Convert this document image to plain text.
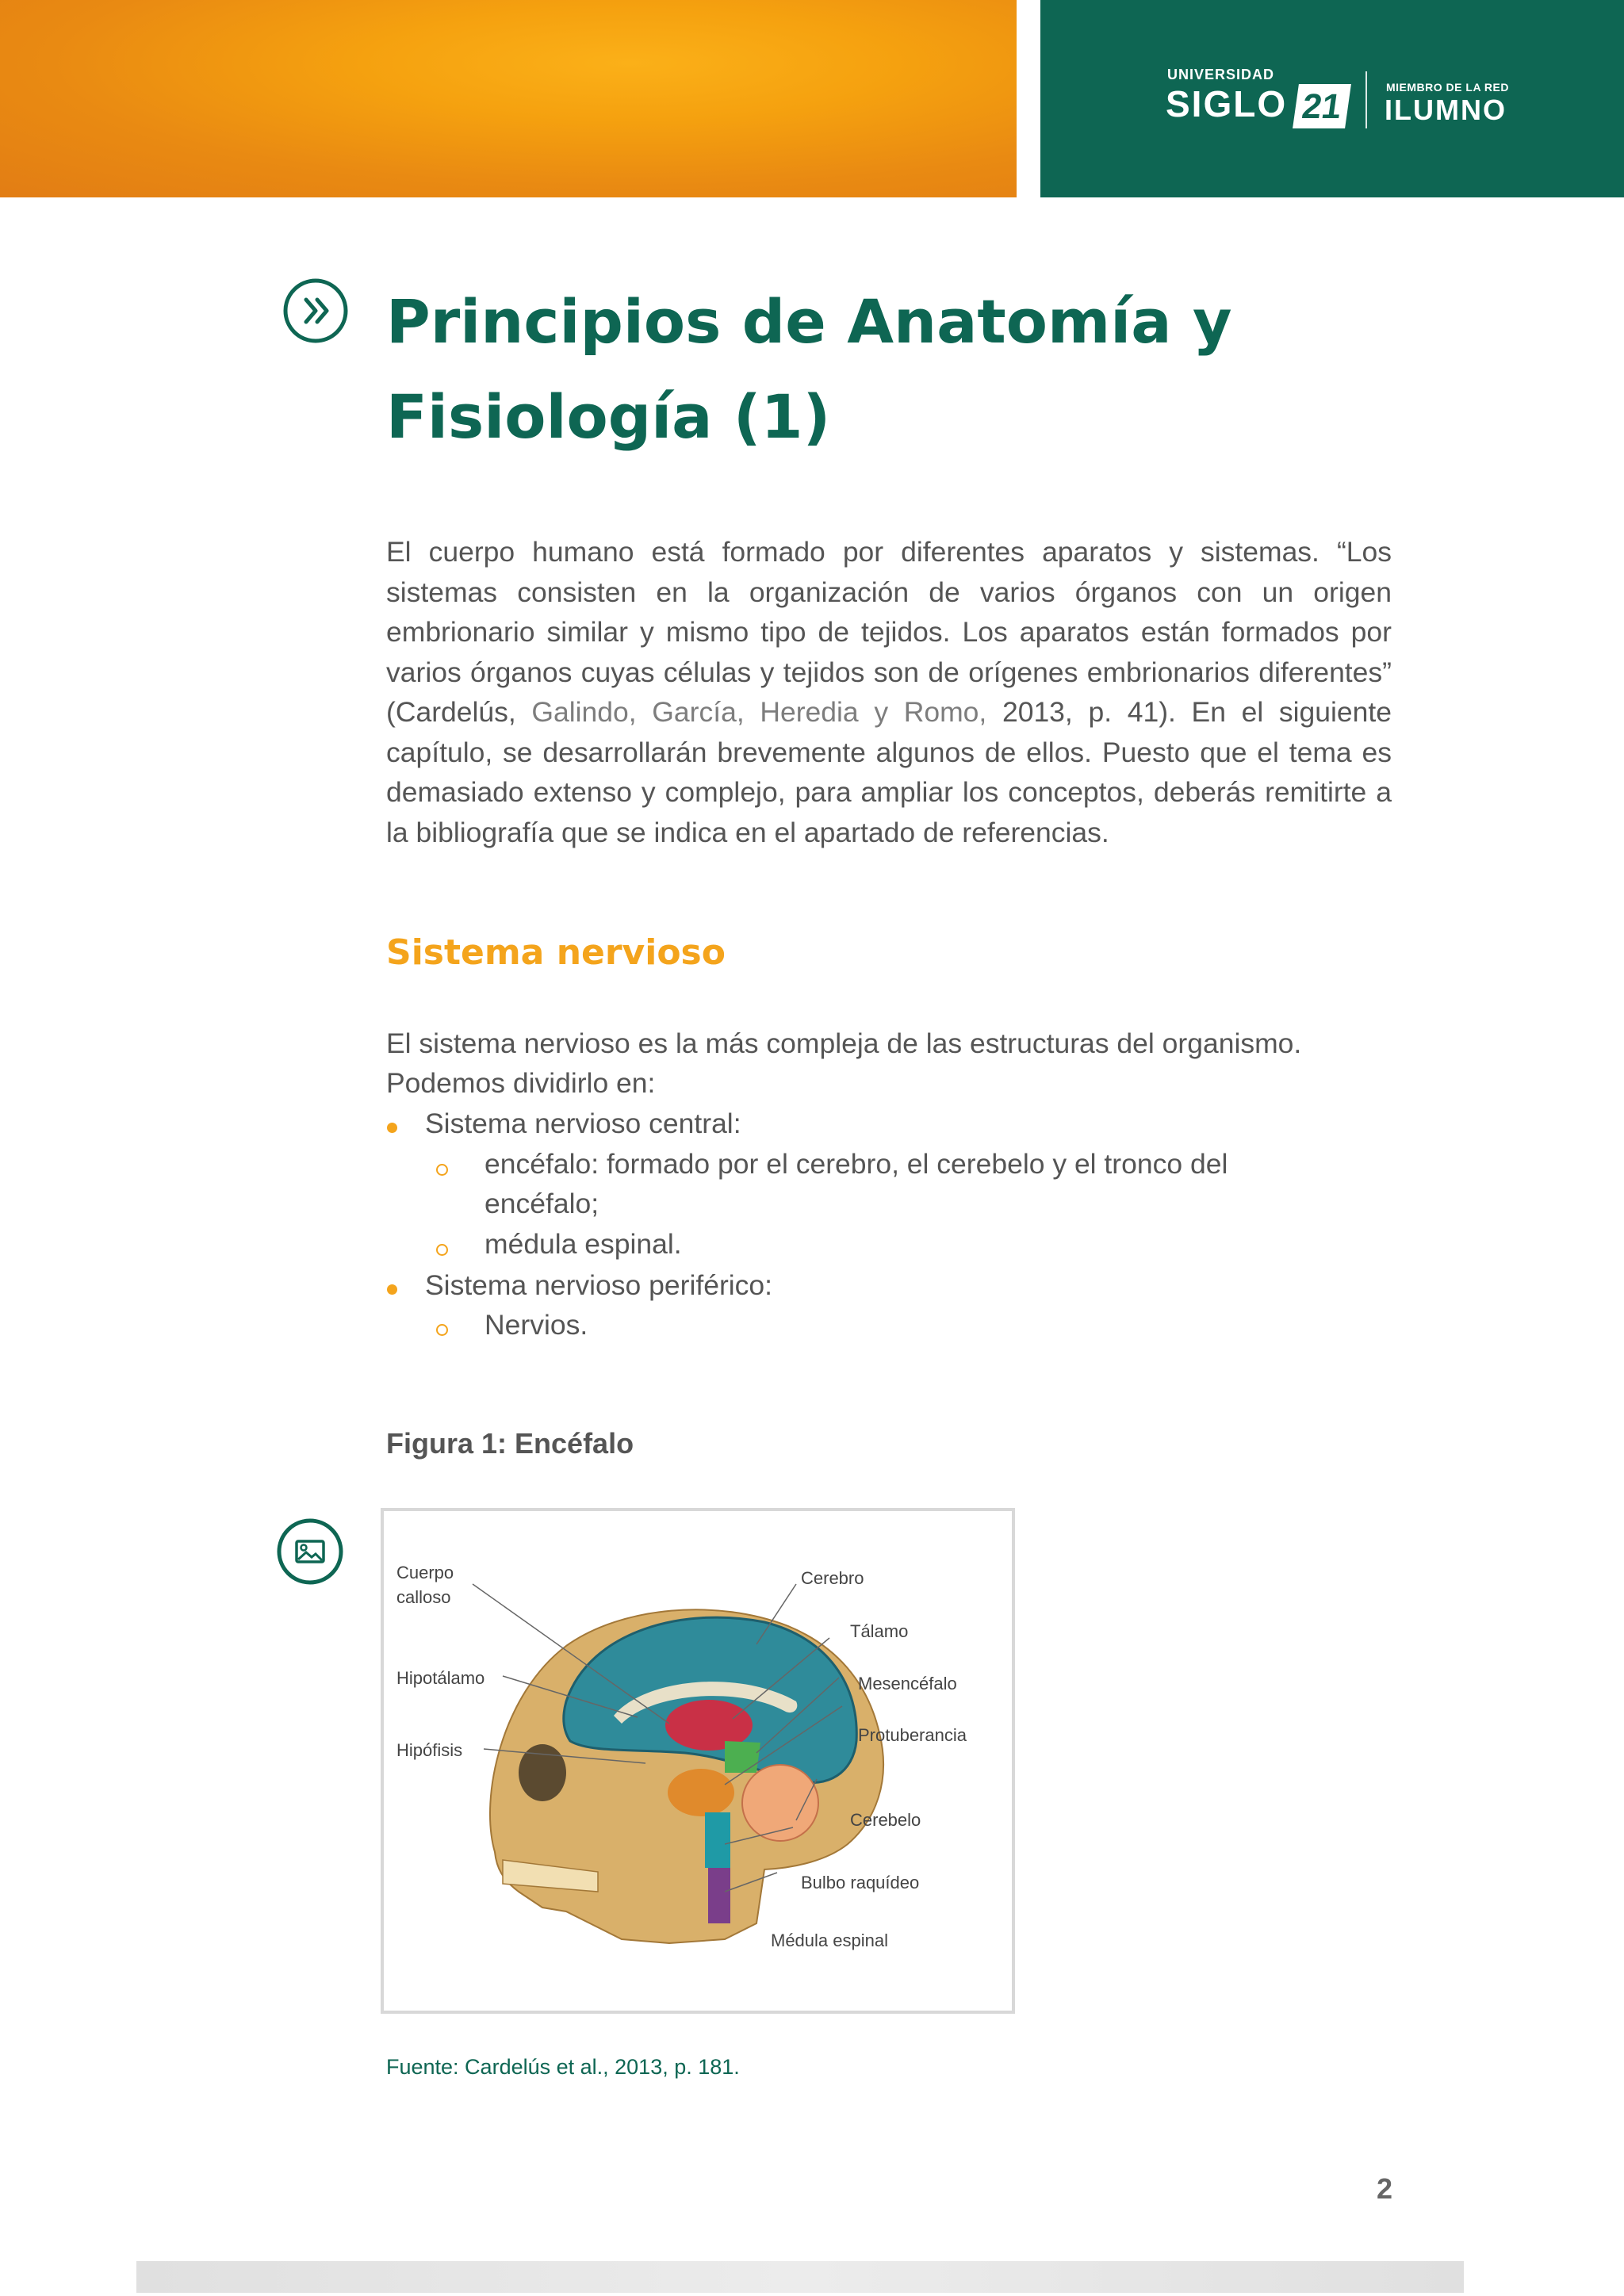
UNIVERSIDAD
SIGLO 21	MIEMBRO DE LA RED
ILUMNO
Principios de Anatomía y
Fisiología (1)

El cuerpo humano está formado por diferentes aparatos y sistemas. “Los sistemas consisten en la organización de varios órganos con un origen embrionario similar y mismo tipo de tejidos. Los aparatos están formados por varios órganos cuyas células y tejidos son de orígenes embrionarios diferentes” (Cardelús, Galindo, García, Heredia y Romo, 2013, p. 41). En el siguiente capítulo, se desarrollarán brevemente algunos de ellos. Puesto que el tema es demasiado extenso y complejo, para ampliar los conceptos, deberás remitirte a la bibliografía que se indica en el apartado de referencias.

Sistema nervioso
El sistema nervioso es la más compleja de las estructuras del organismo.
Podemos dividirlo en:
Sistema nervioso central:
encéfalo: formado por el cerebro, el cerebelo y el tronco del
encéfalo;
médula espinal.
Sistema nervioso periférico:
Nervios.
Figura 1: Encéfalo
Cuerpo
calloso
Hipotálamo
Hipófisis
Cerebro
Tálamo
Mesencéfalo
Protuberancia
Cerebelo
Bulbo raquídeo
Médula espinal
Fuente: Cardelús et al., 2013, p. 181.
2
